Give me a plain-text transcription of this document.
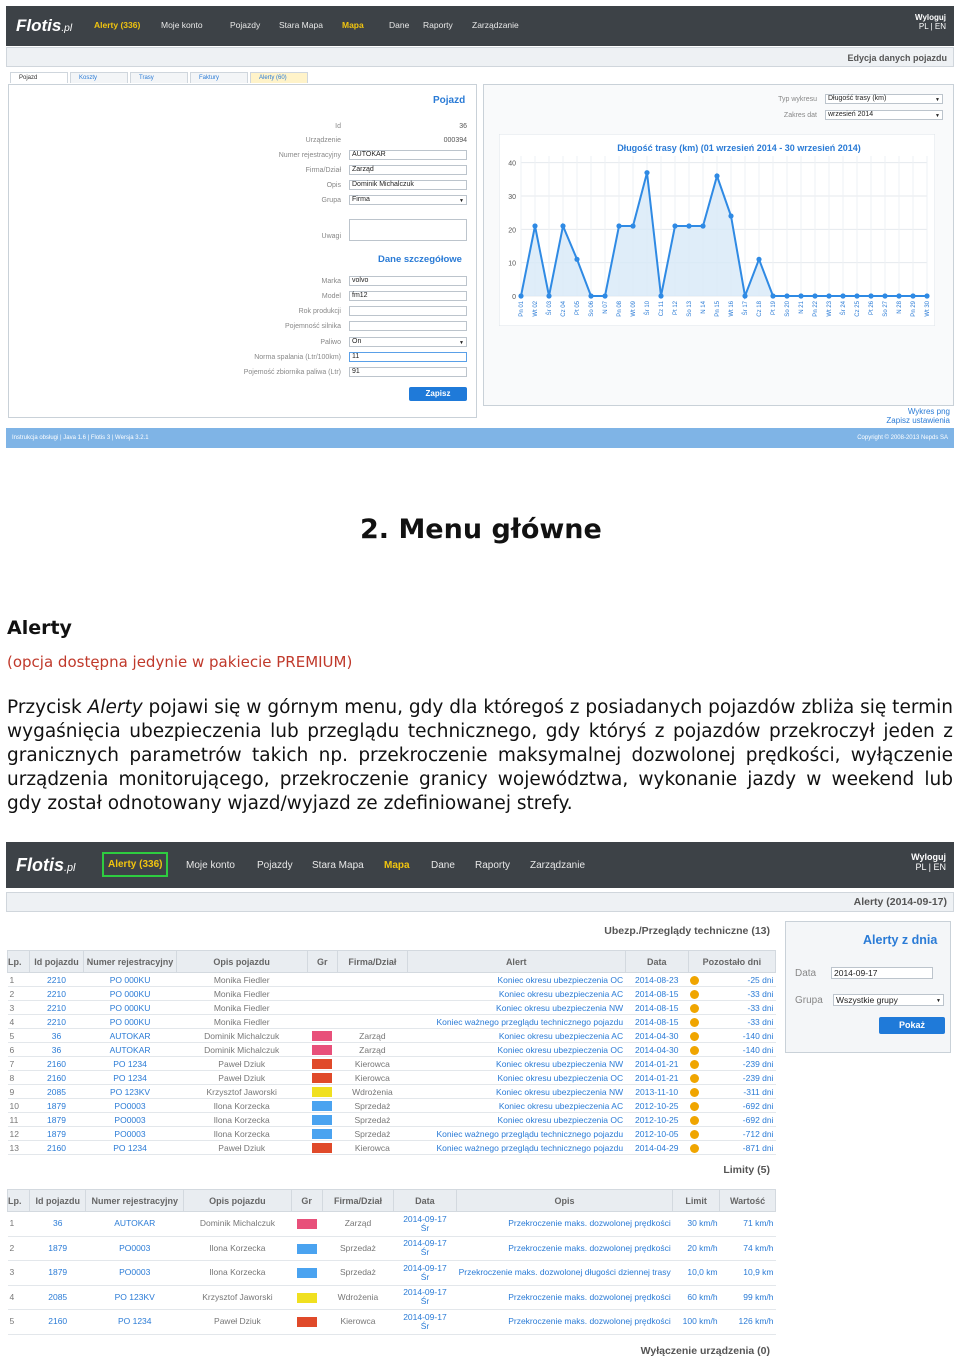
Flotis.pl	Alerty (336) Moje konto	Pojazdy Stara Mapa Mapa	Dane Raporty Zarządzanie
Wyloguj
PL | EN
Edycja danych pojazdu
Pojazd	Koszty	Trasy	Faktury	Alerty (60)
Pojazd
Id	36
Urządzenie	000394
Numer rejestracyjny	AUTOKAR
Firma/Dział	Zarząd
Opis	Dominik Michalczuk
Grupa	Firma ▼
Uwagi
Dane szczegółowe
Marka	volvo
Model	fm12
Rok produkcji
Pojemność silnika
Paliwo	On ▼
Norma spalania (Ltr/100km)	11
Pojemość zbiornika paliwa (Ltr)	91
Zapisz
Typ wykresu	Długość trasy (km) ▼
Zakres dat	wrzesień 2014 ▼
Długość trasy (km) (01 wrzesień 2014 - 30 wrzesień 2014)
0
10
20
30
40
Pn 01 Wt 02	Śr 03 Cz 04 Pt 05 So 06 N 07 Pn 08 Wt 09	Śr 10 Cz 11 Pt 12 So 13 N 14 Pn 15 Wt 16	Śr 17 Cz 18 Pt 19 So 20 N 21 Pn 22 Wt 23	Śr 24 Cz 25 Pt 26 So 27 N 28 Pn 29 Wt 30
Wykres png
Zapisz ustawienia
Instrukcja obsługi | Java 1.6 | Flotis 3 | Wersja 3.2.1	Copyright © 2008-2013 Nepds SA
2. Menu główne
Alerty
(opcja dostępna jedynie w pakiecie PREMIUM)
Przycisk Alerty pojawi się w górnym menu, gdy dla któregoś z posiadanych pojazdów zbliża się termin wygaśnięcia ubezpieczenia lub przeglądu technicznego, gdy któryś z pojazdów przekroczył jeden z granicznych parametrów takich np. przekroczenie maksymalnej dozwolonej prędkości, wyłączenie urządzenia monitorującego, przekroczenie granicy województwa, wykonanie jazdy w weekend lub gdy został odnotowany wjazd/wyjazd ze zdefiniowanej strefy.
Flotis.pl	Alerty (336)	Moje konto Pojazdy Stara Mapa Mapa Dane Raporty Zarządzanie
Wyloguj
PL | EN
Alerty (2014-09-17)
Ubezp./Przeglądy techniczne (13)
Lp.	Id pojazdu	Numer rejestracyjny	Opis pojazdu	Gr	Firma/Dział	Alert	Data	Pozostało dni
1	2210	PO 000KU	Monika Fiedler			Koniec okresu ubezpieczenia OC	2014-08-23	-25 dni
2	2210	PO 000KU	Monika Fiedler			Koniec okresu ubezpieczenia AC	2014-08-15	-33 dni
3	2210	PO 000KU	Monika Fiedler			Koniec okresu ubezpieczenia NW	2014-08-15	-33 dni
4	2210	PO 000KU	Monika Fiedler			Koniec ważnego przeglądu technicznego pojazdu	2014-08-15	-33 dni
5	36	AUTOKAR	Dominik Michalczuk		Zarząd	Koniec okresu ubezpieczenia AC	2014-04-30	-140 dni
6	36	AUTOKAR	Dominik Michalczuk		Zarząd	Koniec okresu ubezpieczenia OC	2014-04-30	-140 dni
7	2160	PO 1234	Paweł Dziuk		Kierowca	Koniec okresu ubezpieczenia NW	2014-01-21	-239 dni
8	2160	PO 1234	Paweł Dziuk		Kierowca	Koniec okresu ubezpieczenia OC	2014-01-21	-239 dni
9	2085	PO 123KV	Krzysztof Jaworski		Wdrożenia	Koniec okresu ubezpieczenia NW	2013-11-10	-311 dni
10	1879	PO0003	Ilona Korzecka		Sprzedaż	Koniec okresu ubezpieczenia AC	2012-10-25	-692 dni
11	1879	PO0003	Ilona Korzecka		Sprzedaż	Koniec okresu ubezpieczenia OC	2012-10-25	-692 dni
12	1879	PO0003	Ilona Korzecka		Sprzedaż	Koniec ważnego przeglądu technicznego pojazdu	2012-10-05	-712 dni
13	2160	PO 1234	Paweł Dziuk		Kierowca	Koniec ważnego przeglądu technicznego pojazdu	2014-04-29	-871 dni
Alerty z dnia
Data	2014-09-17
Grupa	Wszystkie grupy ▼
Pokaż
Limity (5)
Lp.	Id pojazdu	Numer rejestracyjny	Opis pojazdu	Gr	Firma/Dział	Data	Opis	Limit	Wartość
1	36	AUTOKAR	Dominik Michalczuk		Zarząd	2014-09-17
Śr	Przekroczenie maks. dozwolonej prędkości	30 km/h	71 km/h
2	1879	PO0003	Ilona Korzecka		Sprzedaż	2014-09-17
Śr	Przekroczenie maks. dozwolonej prędkości	20 km/h	74 km/h
3	1879	PO0003	Ilona Korzecka		Sprzedaż	2014-09-17
Śr	Przekroczenie maks. dozwolonej długości dziennej trasy	10,0 km	10,9 km
4	2085	PO 123KV	Krzysztof Jaworski		Wdrożenia	2014-09-17
Śr	Przekroczenie maks. dozwolonej prędkości	60 km/h	99 km/h
5	2160	PO 1234	Paweł Dziuk		Kierowca	2014-09-17
Śr	Przekroczenie maks. dozwolonej prędkości	100 km/h	126 km/h
Wyłączenie urządzenia (0)
